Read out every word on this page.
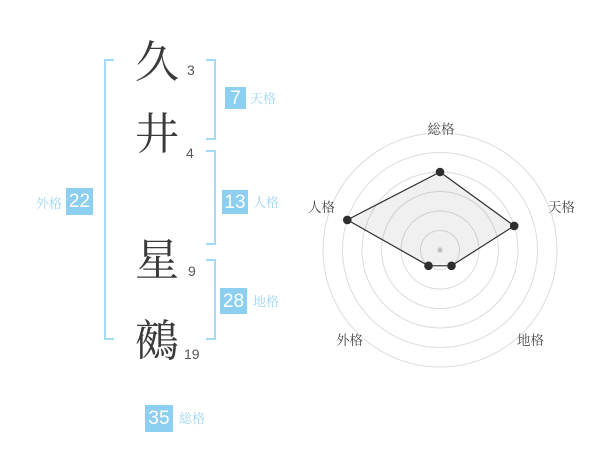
久
井
星
鵺
3
4
9
19
7 天格
13 人格
28 地格
外格 22
35 総格
総格
天格
地格
外格
人格
